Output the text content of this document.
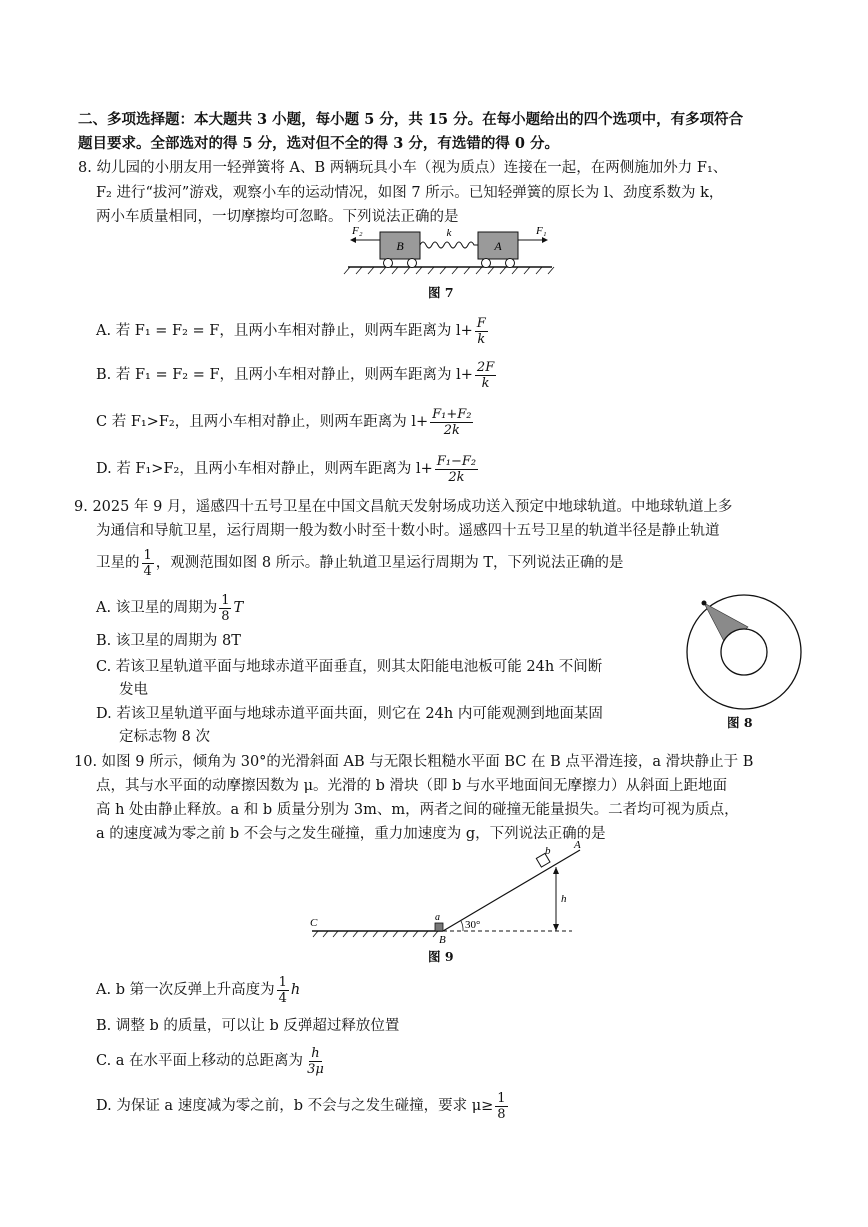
二、多项选择题：本大题共 3 小题，每小题 5 分，共 15 分。在每小题给出的四个选项中，有多项符合
题目要求。全部选对的得 5 分，选对但不全的得 3 分，有选错的得 0 分。
8. 幼儿园的小朋友用一轻弹簧将 A、B 两辆玩具小车（视为质点）连接在一起，在两侧施加外力 F₁、
F₂ 进行“拔河”游戏，观察小车的运动情况，如图 7 所示。已知轻弹簧的原长为 l、劲度系数为 k，
两小车质量相同，一切摩擦均可忽略。下列说法正确的是
B	A
k
F₂	F₁
图 7
A. 若 F₁ = F₂ = F，且两小车相对静止，则两车距离为 $l+ \frac{F}{k}$
B. 若 F₁ = F₂ = F，且两小车相对静止，则两车距离为 $l+ \frac{2F}{k}$
C 若 F₁>F₂，且两小车相对静止，则两车距离为 $l+ \frac{\text{F₁+F₂}}{2k}$
D. 若 F₁>F₂，且两小车相对静止，则两车距离为 $l+ \frac{\text{F₁−F₂}}{2k}$
9. 2025 年 9 月，遥感四十五号卫星在中国文昌航天发射场成功送入预定中地球轨道。中地球轨道上多
为通信和导航卫星，运行周期一般为数小时至十数小时。遥感四十五号卫星的轨道半径是静止轨道
卫星的 $\frac{1}{4}$ ，观测范围如图 8 所示。静止轨道卫星运行周期为 T，下列说法正确的是
A. 该卫星的周期为 $\frac{1}{8}$ T
B. 该卫星的周期为 8T
C. 若该卫星轨道平面与地球赤道平面垂直，则其太阳能电池板可能 24h 不间断
发电
D. 若该卫星轨道平面与地球赤道平面共面，则它在 24h 内可能观测到地面某固
定标志物 8 次
图 8
10. 如图 9 所示，倾角为 30°的光滑斜面 AB 与无限长粗糙水平面 BC 在 B 点平滑连接，a 滑块静止于 B
点，其与水平面的动摩擦因数为 μ。光滑的 b 滑块（即 b 与水平地面间无摩擦力）从斜面上距地面
高 h 处由静止释放。a 和 b 质量分别为 3m、m，两者之间的碰撞无能量损失。二者均可视为质点，
a 的速度减为零之前 b 不会与之发生碰撞，重力加速度为 g，下列说法正确的是
30°
A
b
h
C	a
B
图 9
A. b 第一次反弹上升高度为 $\frac{1}{4}$ h
B. 调整 b 的质量，可以让 b 反弹超过释放位置
C. a 在水平面上移动的总距离为 $\frac{h}{3\mu}$
D. 为保证 a 速度减为零之前，b 不会与之发生碰撞，要求 $\mu\ge \frac{1}{8}$
